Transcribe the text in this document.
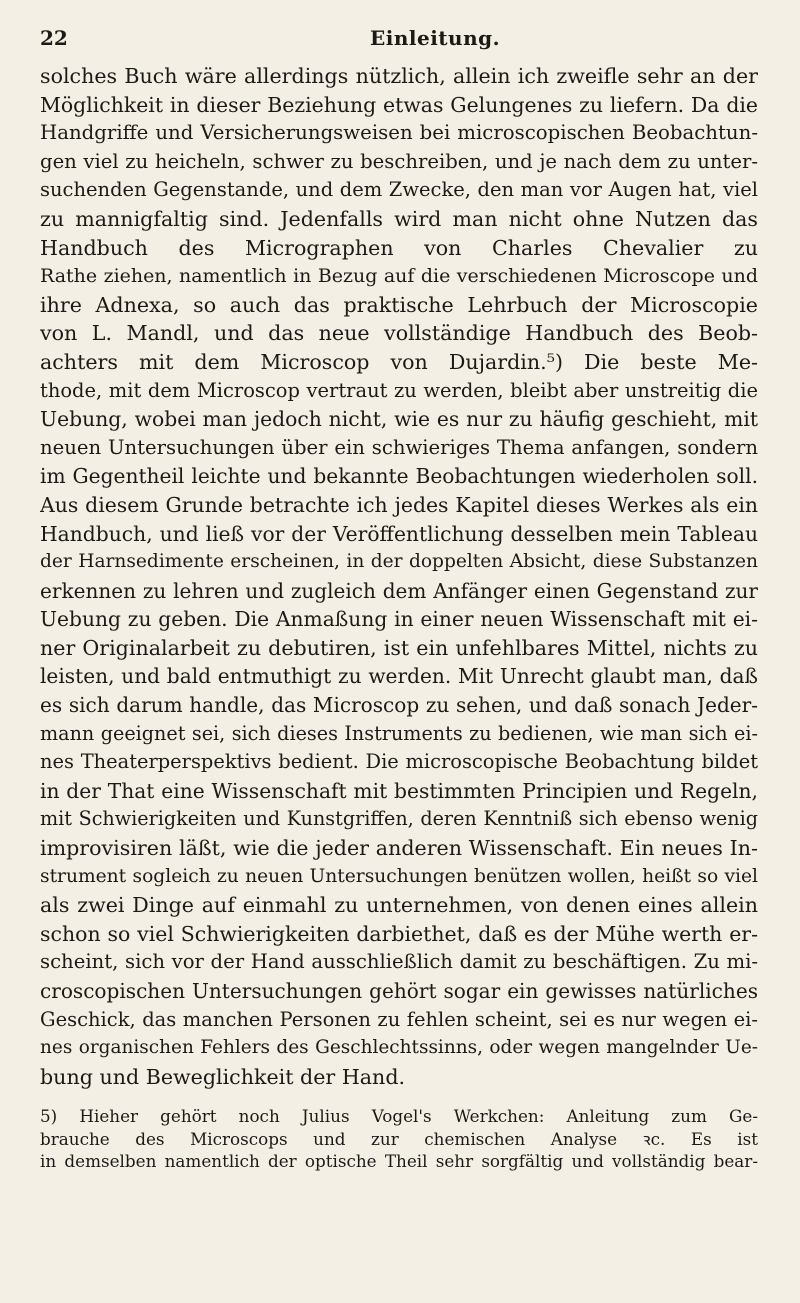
22	Einleitung.
solches Buch wäre allerdings nützlich, allein ich zweifle sehr an der
Möglichkeit in dieser Beziehung etwas Gelungenes zu liefern. Da die
Handgriffe und Versicherungsweisen bei microscopischen Beobachtun-
gen viel zu heicheln, schwer zu beschreiben, und je nach dem zu unter-
suchenden Gegenstande, und dem Zwecke, den man vor Augen hat, viel
zu mannigfaltig sind. Jedenfalls wird man nicht ohne Nutzen das
Handbuch des Micrographen von Charles Chevalier zu
Rathe ziehen, namentlich in Bezug auf die verschiedenen Microscope und
ihre Adnexa, so auch das praktische Lehrbuch der Microscopie
von L. Mandl, und das neue vollständige Handbuch des Beob-
achters mit dem Microscop von Dujardin.⁵) Die beste Me-
thode, mit dem Microscop vertraut zu werden, bleibt aber unstreitig die
Uebung, wobei man jedoch nicht, wie es nur zu häufig geschieht, mit
neuen Untersuchungen über ein schwieriges Thema anfangen, sondern
im Gegentheil leichte und bekannte Beobachtungen wiederholen soll.
Aus diesem Grunde betrachte ich jedes Kapitel dieses Werkes als ein
Handbuch, und ließ vor der Veröffentlichung desselben mein Tableau
der Harnsedimente erscheinen, in der doppelten Absicht, diese Substanzen
erkennen zu lehren und zugleich dem Anfänger einen Gegenstand zur
Uebung zu geben. Die Anmaßung in einer neuen Wissenschaft mit ei-
ner Originalarbeit zu debutiren, ist ein unfehlbares Mittel, nichts zu
leisten, und bald entmuthigt zu werden. Mit Unrecht glaubt man, daß
es sich darum handle, das Microscop zu sehen, und daß sonach Jeder-
mann geeignet sei, sich dieses Instruments zu bedienen, wie man sich ei-
nes Theaterperspektivs bedient. Die microscopische Beobachtung bildet
in der That eine Wissenschaft mit bestimmten Principien und Regeln,
mit Schwierigkeiten und Kunstgriffen, deren Kenntniß sich ebenso wenig
improvisiren läßt, wie die jeder anderen Wissenschaft. Ein neues In-
strument sogleich zu neuen Untersuchungen benützen wollen, heißt so viel
als zwei Dinge auf einmahl zu unternehmen, von denen eines allein
schon so viel Schwierigkeiten darbiethet, daß es der Mühe werth er-
scheint, sich vor der Hand ausschließlich damit zu beschäftigen. Zu mi-
croscopischen Untersuchungen gehört sogar ein gewisses natürliches
Geschick, das manchen Personen zu fehlen scheint, sei es nur wegen ei-
nes organischen Fehlers des Geschlechtssinns, oder wegen mangelnder Ue-
bung und Beweglichkeit der Hand.
5) Hieher gehört noch Julius Vogel's Werkchen: Anleitung zum Ge-
brauche des Microscops und zur chemischen Analyse ꝛc. Es ist
in demselben namentlich der optische Theil sehr sorgfältig und vollständig bear-
